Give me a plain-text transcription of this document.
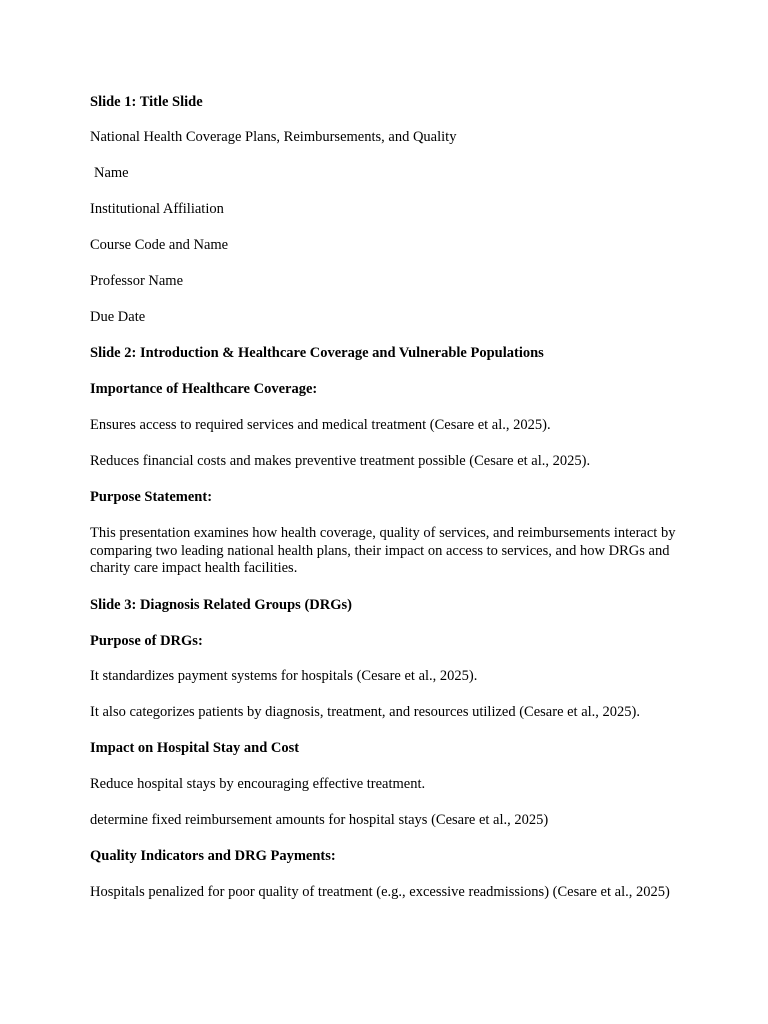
Slide 1: Title Slide

National Health Coverage Plans, Reimbursements, and Quality

Name

Institutional Affiliation

Course Code and Name

Professor Name

Due Date

Slide 2: Introduction & Healthcare Coverage and Vulnerable Populations

Importance of Healthcare Coverage:

Ensures access to required services and medical treatment (Cesare et al., 2025).

Reduces financial costs and makes preventive treatment possible (Cesare et al., 2025).

Purpose Statement:

This presentation examines how health coverage, quality of services, and reimbursements interact by comparing two leading national health plans, their impact on access to services, and how DRGs and charity care impact health facilities.

Slide 3: Diagnosis Related Groups (DRGs)

Purpose of DRGs:

It standardizes payment systems for hospitals (Cesare et al., 2025).

It also categorizes patients by diagnosis, treatment, and resources utilized (Cesare et al., 2025).

Impact on Hospital Stay and Cost

Reduce hospital stays by encouraging effective treatment.

determine fixed reimbursement amounts for hospital stays (Cesare et al., 2025)

Quality Indicators and DRG Payments:

Hospitals penalized for poor quality of treatment (e.g., excessive readmissions) (Cesare et al., 2025)
